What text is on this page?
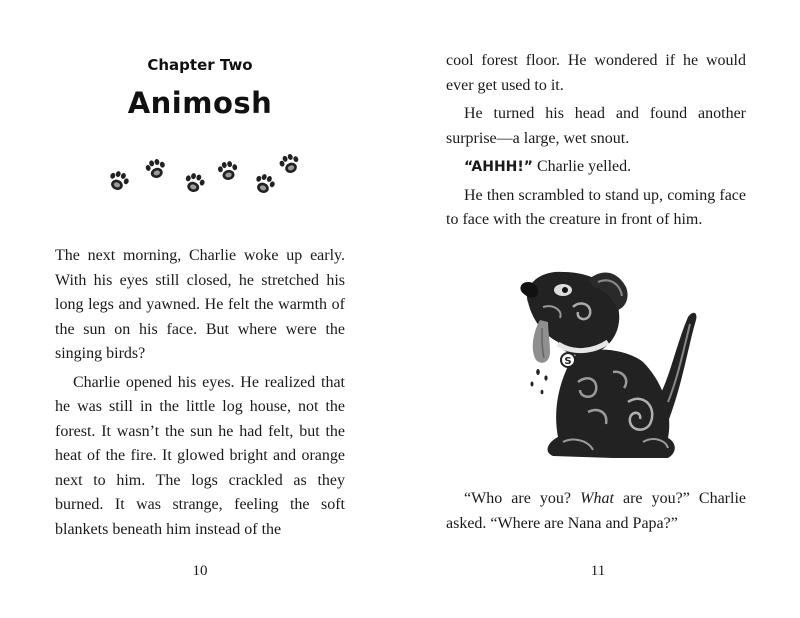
Chapter Two
Animosh

The next morning, Charlie woke up early. With his eyes still closed, he stretched his long legs and yawned. He felt the warmth of the sun on his face. But where were the singing birds?

Charlie opened his eyes. He realized that he was still in the little log house, not the forest. It wasn’t the sun he had felt, but the heat of the fire. It glowed bright and orange next to him. The logs crackled as they burned. It was strange, feeling the soft blankets beneath him instead of the

10

cool forest floor. He wondered if he would ever get used to it.

He turned his head and found another surprise—a large, wet snout.

“AHHH!” Charlie yelled.

He then scrambled to stand up, coming face to face with the creature in front of him.

S

“Who are you? What are you?” Charlie asked. “Where are Nana and Papa?”

11
